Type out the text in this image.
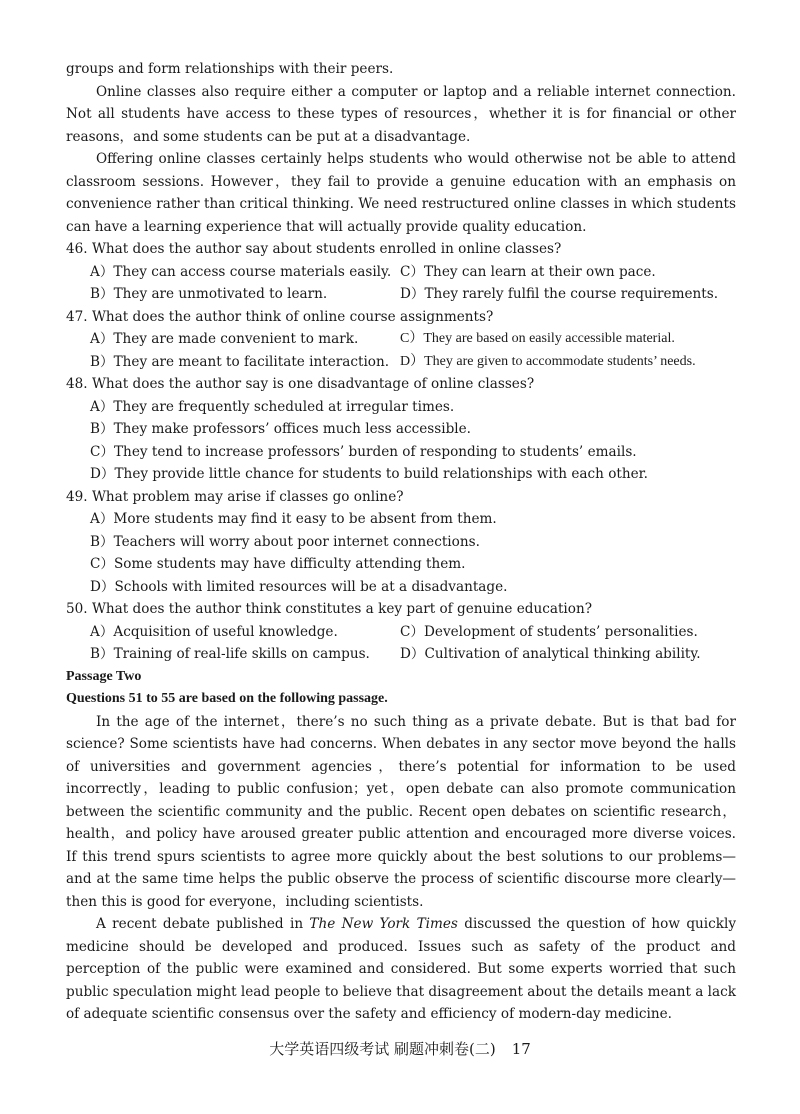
groups and form relationships with their peers.

Online classes also require either a computer or laptop and a reliable internet connection. Not all students have access to these types of resources，whether it is for financial or other reasons，and some students can be put at a disadvantage.

Offering online classes certainly helps students who would otherwise not be able to attend classroom sessions. However，they fail to provide a genuine education with an emphasis on convenience rather than critical thinking. We need restructured online classes in which students can have a learning experience that will actually provide quality education.

46. What does the author say about students enrolled in online classes?

A）They can access course materials easily. C）They can learn at their own pace.
B）They are unmotivated to learn.	D）They rarely fulfil the course requirements.

47. What does the author think of online course assignments?

A）They are made convenient to mark.	C）They are based on easily accessible material.
B）They are meant to facilitate interaction. D）They are given to accommodate students’ needs.

48. What does the author say is one disadvantage of online classes?

A）They are frequently scheduled at irregular times.
B）They make professors’ offices much less accessible.
C）They tend to increase professors’ burden of responding to students’ emails.
D）They provide little chance for students to build relationships with each other.

49. What problem may arise if classes go online?

A）More students may find it easy to be absent from them.
B）Teachers will worry about poor internet connections.
C）Some students may have difficulty attending them.
D）Schools with limited resources will be at a disadvantage.

50. What does the author think constitutes a key part of genuine education?

A）Acquisition of useful knowledge.	C）Development of students’ personalities.
B）Training of real-life skills on campus.	D）Cultivation of analytical thinking ability.

Passage Two

Questions 51 to 55 are based on the following passage.

In the age of the internet，there’s no such thing as a private debate. But is that bad for science? Some scientists have had concerns. When debates in any sector move beyond the halls of universities and government agencies，there’s potential for information to be used incorrectly，leading to public confusion；yet，open debate can also promote communication between the scientific community and the public. Recent open debates on scientific research，health，and policy have aroused greater public attention and encouraged more diverse voices. If this trend spurs scientists to agree more quickly about the best solutions to our problems—and at the same time helps the public observe the process of scientific discourse more clearly—then this is good for everyone，including scientists.

A recent debate published in The New York Times discussed the question of how quickly medicine should be developed and produced. Issues such as safety of the product and perception of the public were examined and considered. But some experts worried that such public speculation might lead people to believe that disagreement about the details meant a lack of adequate scientific consensus over the safety and efficiency of modern-day medicine.

大学英语四级考试 刷题冲刺卷(二) 17
